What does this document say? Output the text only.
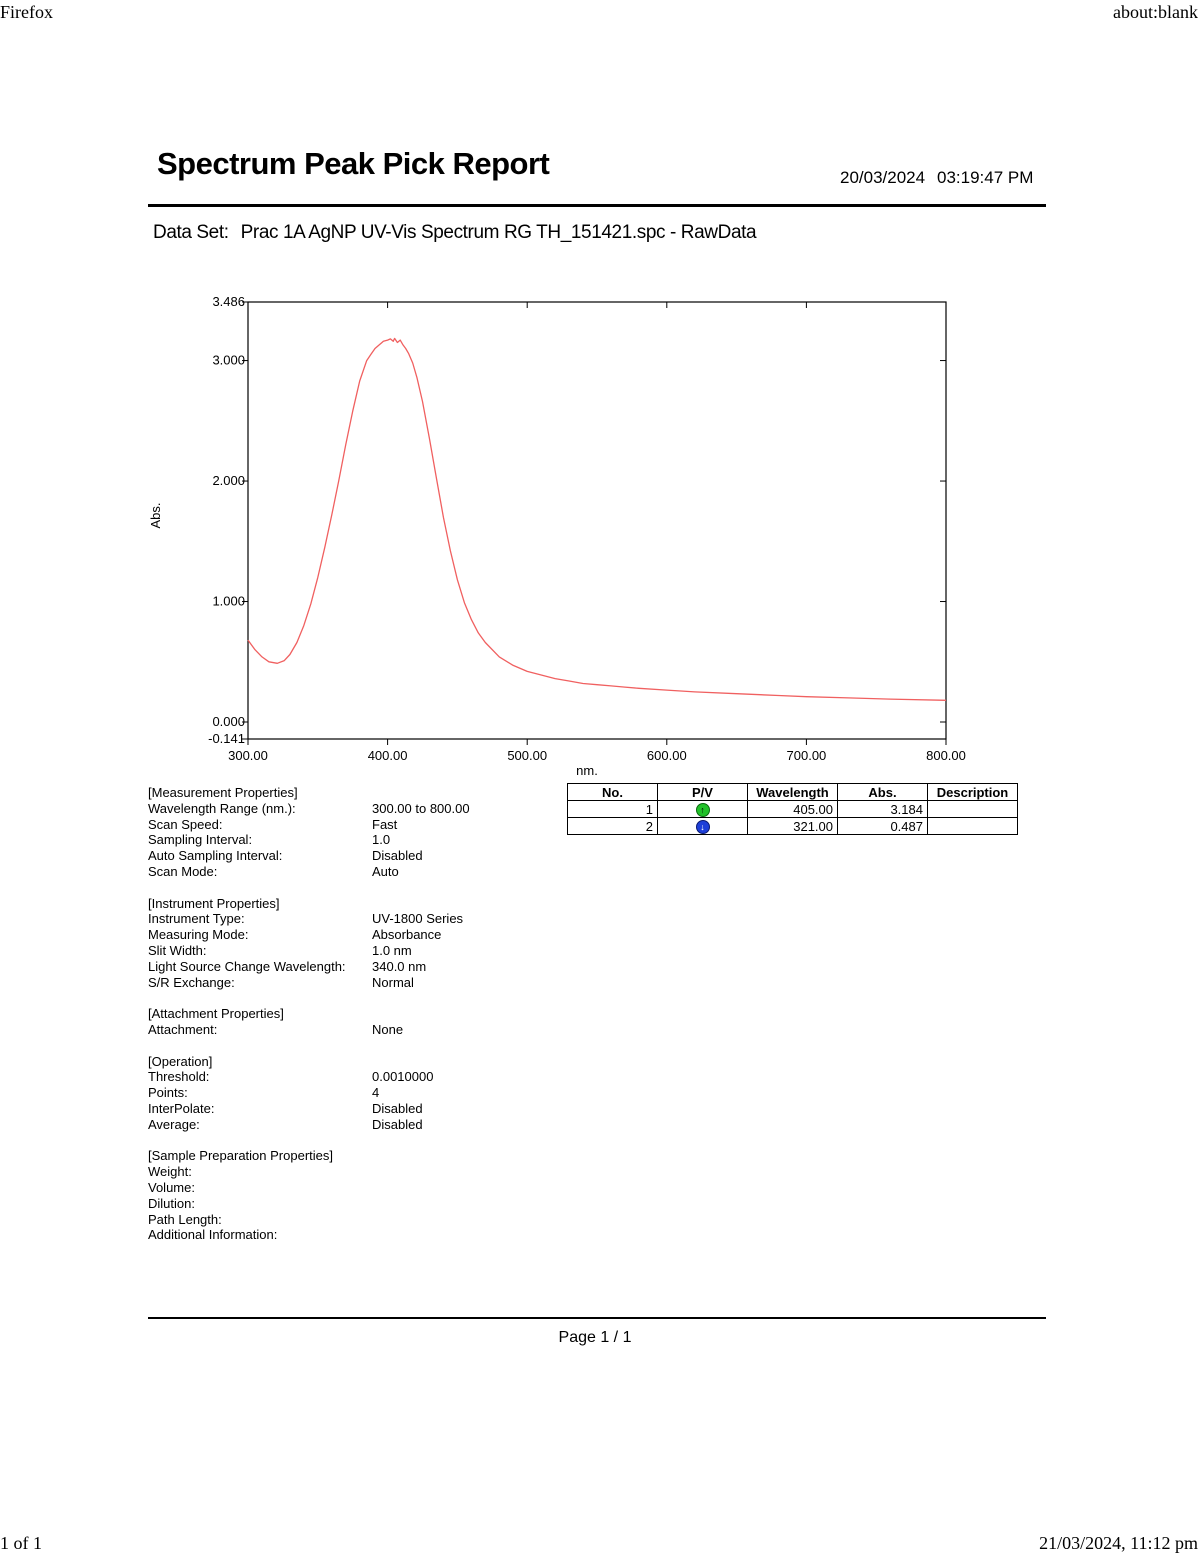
Firefox	about:blank
1 of 1	21/03/2024, 11:12 pm
Spectrum Peak Pick Report	20/03/2024 03:19:47 PM
Data Set: Prac 1A AgNP UV-Vis Spectrum RG TH_151421.spc - RawData
300.00	400.00	500.00	600.00	700.00	800.00
-0.141
0.000
1.000
2.000
3.000
3.486
nm.
Abs.
[Measurement Properties]
Wavelength Range (nm.):	300.00 to 800.00
Scan Speed:	Fast
Sampling Interval:	1.0
Auto Sampling Interval:	Disabled
Scan Mode:	Auto
[Instrument Properties]
Instrument Type:	UV-1800 Series
Measuring Mode:	Absorbance
Slit Width:	1.0 nm
Light Source Change Wavelength:	340.0 nm
S/R Exchange:	Normal
[Attachment Properties]
Attachment:	None
[Operation]
Threshold:	0.0010000
Points:	4
InterPolate:	Disabled
Average:	Disabled
[Sample Preparation Properties]
Weight:
Volume:
Dilution:
Path Length:
Additional Information:
No.	P/V	Wavelength	Abs.	Description
1	↑	405.00	3.184	
2	↓	321.00	0.487	
Page 1 / 1
